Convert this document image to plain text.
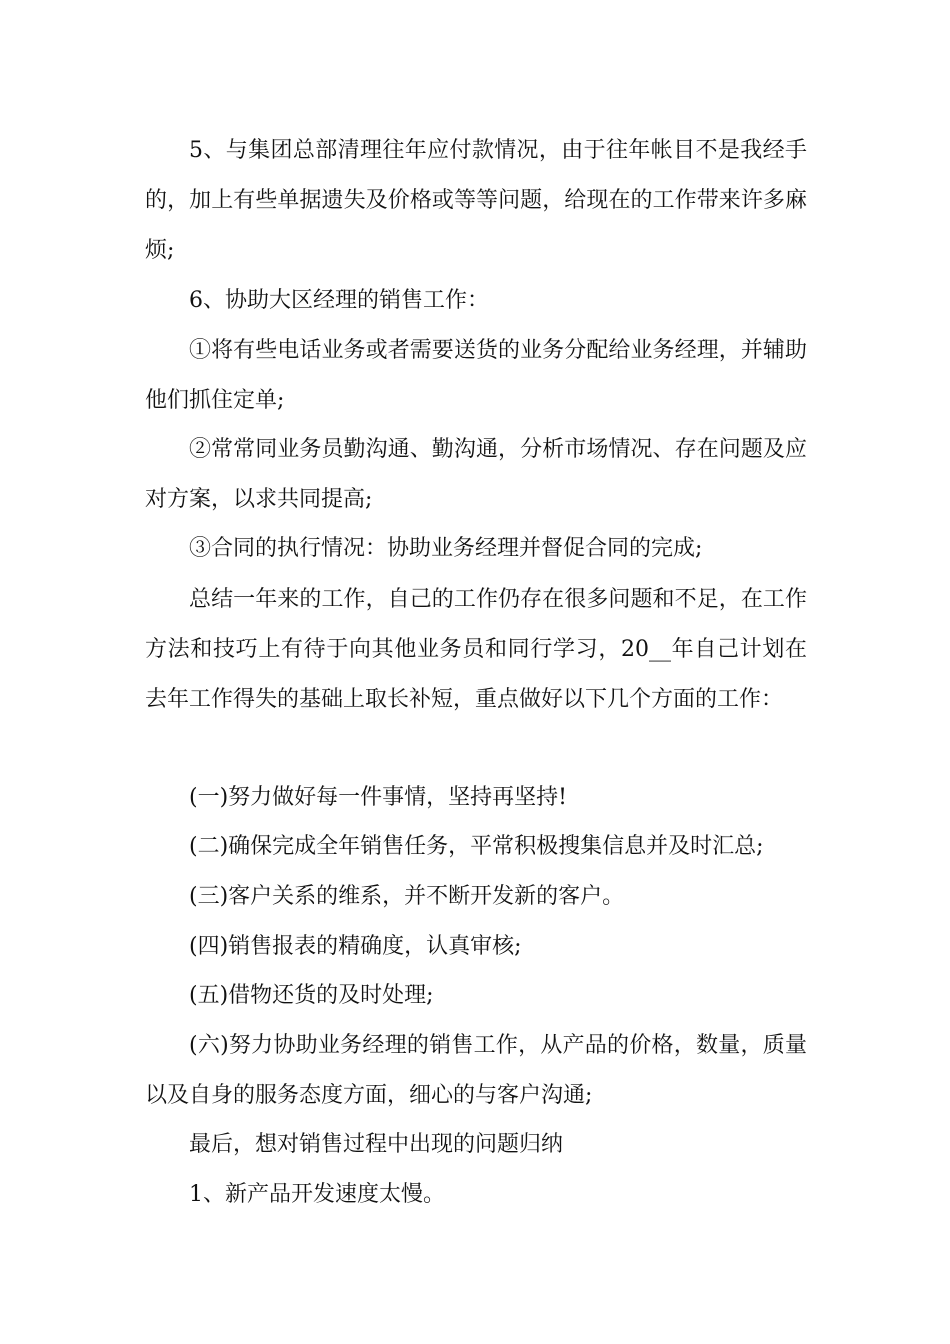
5、与集团总部清理往年应付款情况，由于往年帐目不是我经手的，加上有些单据遗失及价格或等等问题，给现在的工作带来许多麻烦;

6、协助大区经理的销售工作：

①将有些电话业务或者需要送货的业务分配给业务经理，并辅助他们抓住定单;

②常常同业务员勤沟通、勤沟通，分析市场情况、存在问题及应对方案，以求共同提高;

③合同的执行情况：协助业务经理并督促合同的完成;

总结一年来的工作，自己的工作仍存在很多问题和不足，在工作方法和技巧上有待于向其他业务员和同行学习，20__年自己计划在去年工作得失的基础上取长补短，重点做好以下几个方面的工作：

(一)努力做好每一件事情，坚持再坚持!

(二)确保完成全年销售任务，平常积极搜集信息并及时汇总;

(三)客户关系的维系，并不断开发新的客户。

(四)销售报表的精确度，认真审核;

(五)借物还货的及时处理;

(六)努力协助业务经理的销售工作，从产品的价格，数量，质量以及自身的服务态度方面，细心的与客户沟通;

最后，想对销售过程中出现的问题归纳

1、新产品开发速度太慢。
